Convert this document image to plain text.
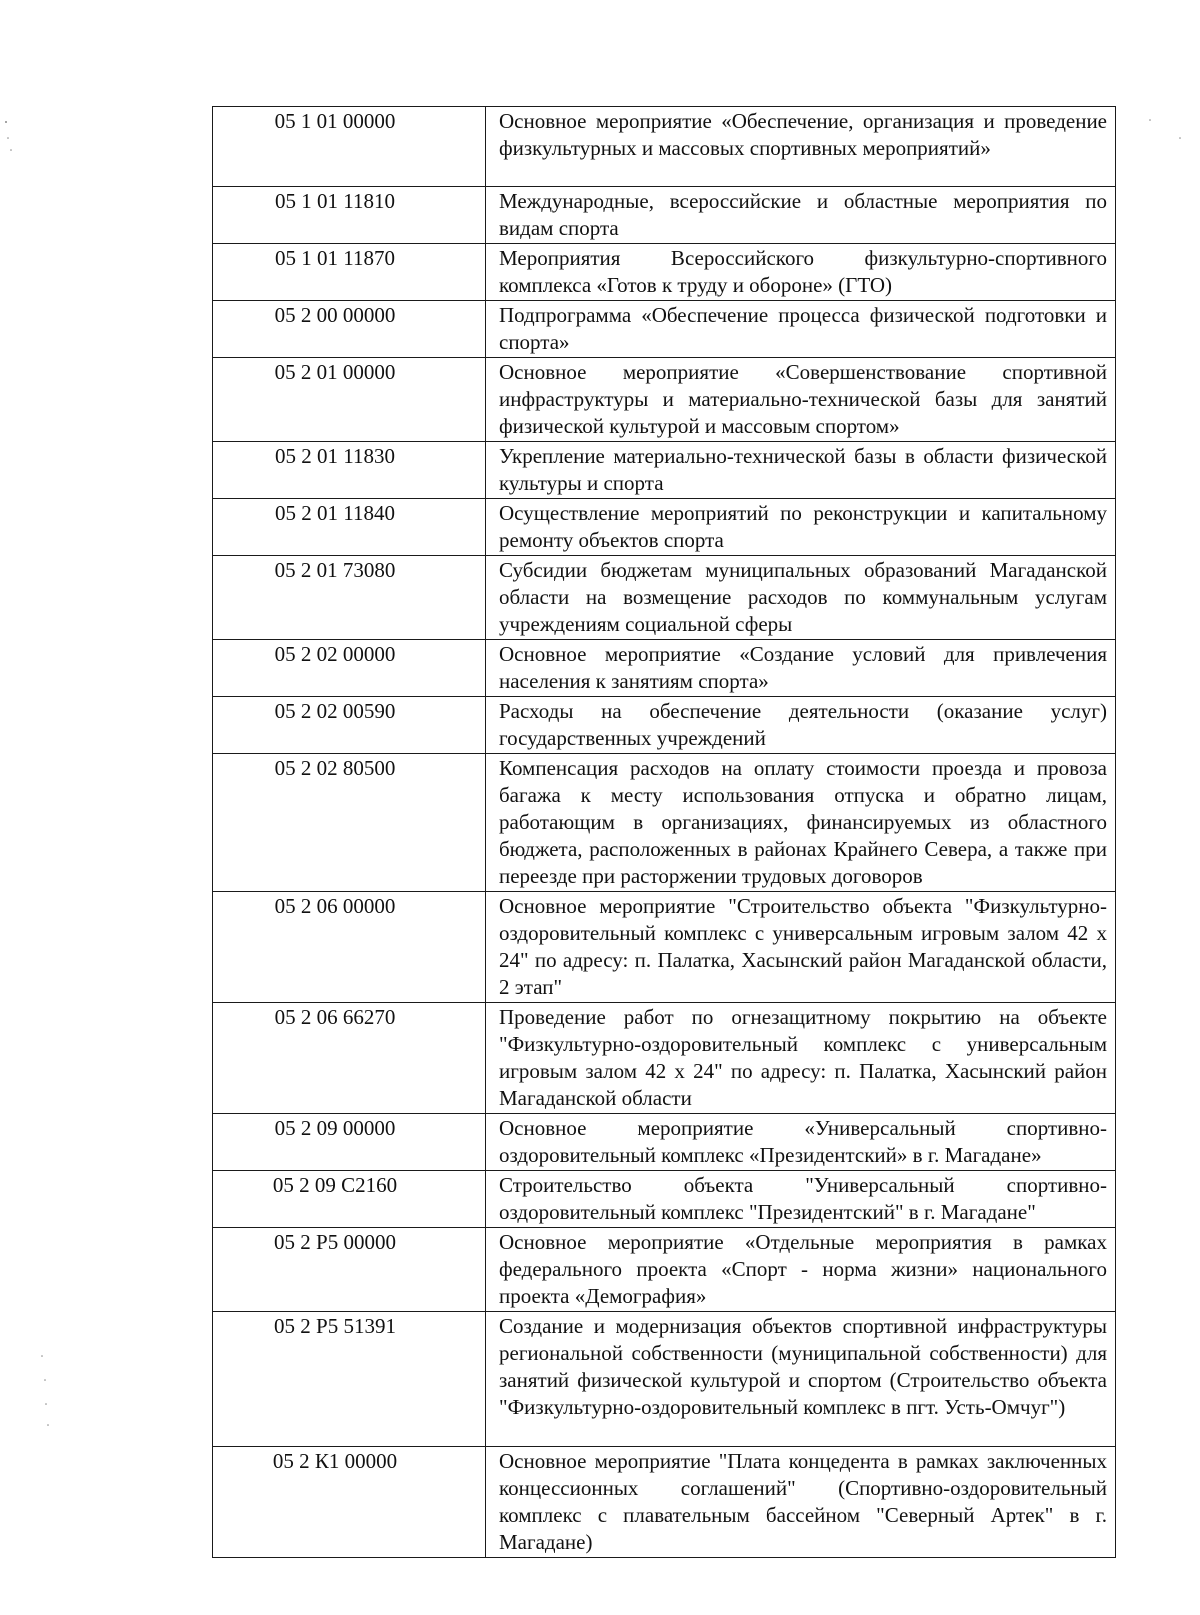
05 1 01 00000	Основное мероприятие «Обеспечение, организация и проведение физкультурных и массовых спортивных мероприятий»
05 1 01 11810	Международные, всероссийские и областные мероприятия по видам спорта
05 1 01 11870	Мероприятия Всероссийского физкультурно-спортивного комплекса «Готов к труду и обороне» (ГТО)
05 2 00 00000	Подпрограмма «Обеспечение процесса физической подготовки и спорта»
05 2 01 00000	Основное мероприятие «Совершенствование спортивной инфраструктуры и материально-технической базы для занятий физической культурой и массовым спортом»
05 2 01 11830	Укрепление материально-технической базы в области физической культуры и спорта
05 2 01 11840	Осуществление мероприятий по реконструкции и капитальному ремонту объектов спорта
05 2 01 73080	Субсидии бюджетам муниципальных образований Магаданской области на возмещение расходов по коммунальным услугам учреждениям социальной сферы
05 2 02 00000	Основное мероприятие «Создание условий для привлечения населения к занятиям спорта»
05 2 02 00590	Расходы на обеспечение деятельности (оказание услуг) государственных учреждений
05 2 02 80500	Компенсация расходов на оплату стоимости проезда и провоза багажа к месту использования отпуска и обратно лицам, работающим в организациях, финансируемых из областного бюджета, расположенных в районах Крайнего Севера, а также при переезде при расторжении трудовых договоров
05 2 06 00000	Основное мероприятие "Строительство объекта "Физкультурно-оздоровительный комплекс с универсальным игровым залом 42 х 24" по адресу: п. Палатка, Хасынский район Магаданской области, 2 этап"
05 2 06 66270	Проведение работ по огнезащитному покрытию на объекте "Физкультурно-оздоровительный комплекс с универсальным игровым залом 42 х 24" по адресу: п. Палатка, Хасынский район Магаданской области
05 2 09 00000	Основное мероприятие «Универсальный спортивно-оздоровительный комплекс «Президентский» в г. Магадане»
05 2 09 С2160	Строительство объекта "Универсальный спортивно-оздоровительный комплекс "Президентский" в г. Магадане"
05 2 Р5 00000	Основное мероприятие «Отдельные мероприятия в рамках федерального проекта «Спорт - норма жизни» национального проекта «Демография»
05 2 Р5 51391	Создание и модернизация объектов спортивной инфраструктуры региональной собственности (муниципальной собственности) для занятий физической культурой и спортом (Строительство объекта "Физкультурно-оздоровительный комплекс в пгт. Усть-Омчуг")
05 2 К1 00000	Основное мероприятие "Плата концедента в рамках заключенных концессионных соглашений" (Спортивно-оздоровительный комплекс с плавательным бассейном "Северный Артек" в г. Магадане)
